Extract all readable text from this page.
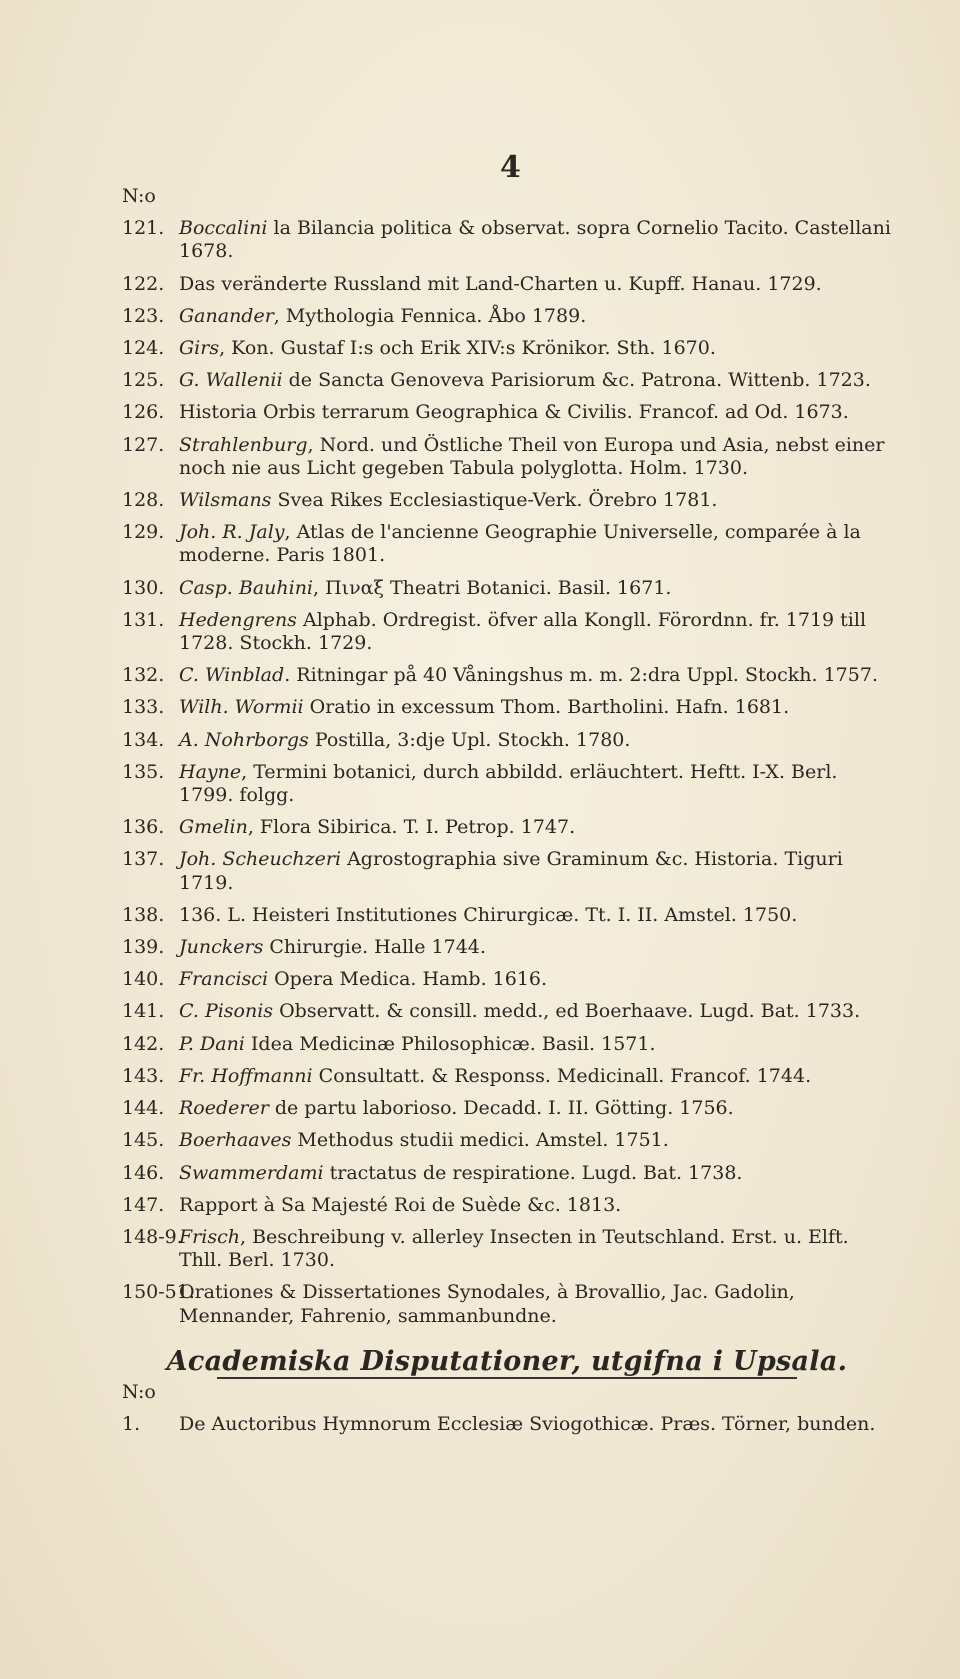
4
N:o
121. Boccalini la Bilancia politica & observat. sopra Cornelio Tacito. Castellani 1678.
122. Das veränderte Russland mit Land-Charten u. Kupff. Hanau. 1729.
123. Ganander, Mythologia Fennica. Åbo 1789.
124. Girs, Kon. Gustaf I:s och Erik XIV:s Krönikor. Sth. 1670.
125. G. Wallenii de Sancta Genoveva Parisiorum &c. Patrona. Wittenb. 1723.
126. Historia Orbis terrarum Geographica & Civilis. Francof. ad Od. 1673.
127. Strahlenburg, Nord. und Östliche Theil von Europa und Asia, nebst einer noch nie aus Licht gegeben Tabula polyglotta. Holm. 1730.
128. Wilsmans Svea Rikes Ecclesiastique-Verk. Örebro 1781.
129. Joh. R. Jaly, Atlas de l'ancienne Geographie Universelle, comparée à la moderne. Paris 1801.
130. Casp. Bauhini, Πιναξ Theatri Botanici. Basil. 1671.
131. Hedengrens Alphab. Ordregist. öfver alla Kongll. Förordnn. fr. 1719 till 1728. Stockh. 1729.
132. C. Winblad. Ritningar på 40 Våningshus m. m. 2:dra Uppl. Stockh. 1757.
133. Wilh. Wormii Oratio in excessum Thom. Bartholini. Hafn. 1681.
134. A. Nohrborgs Postilla, 3:dje Upl. Stockh. 1780.
135. Hayne, Termini botanici, durch abbildd. erläuchtert. Heftt. I-X. Berl. 1799. folgg.
136. Gmelin, Flora Sibirica. T. I. Petrop. 1747.
137. Joh. Scheuchzeri Agrostographia sive Graminum &c. Historia. Tiguri 1719.
138. 136. L. Heisteri Institutiones Chirurgicæ. Tt. I. II. Amstel. 1750.
139. Junckers Chirurgie. Halle 1744.
140. Francisci Opera Medica. Hamb. 1616.
141. C. Pisonis Observatt. & consill. medd., ed Boerhaave. Lugd. Bat. 1733.
142. P. Dani Idea Medicinæ Philosophicæ. Basil. 1571.
143. Fr. Hoffmanni Consultatt. & Responss. Medicinall. Francof. 1744.
144. Roederer de partu laborioso. Decadd. I. II. Götting. 1756.
145. Boerhaaves Methodus studii medici. Amstel. 1751.
146. Swammerdami tractatus de respiratione. Lugd. Bat. 1738.
147. Rapport à Sa Majesté Roi de Suède &c. 1813.
148-9.
Frisch, Beschreibung v. allerley Insecten in Teutschland. Erst. u. Elft. Thll. Berl. 1730.
150-51.
Orationes & Dissertationes Synodales, à Brovallio, Jac. Gadolin, Mennander, Fahrenio, sammanbundne.
Academiska Disputationer, utgifna i Upsala.
N:o
1. De Auctoribus Hymnorum Ecclesiæ Sviogothicæ. Præs. Törner, bunden.
